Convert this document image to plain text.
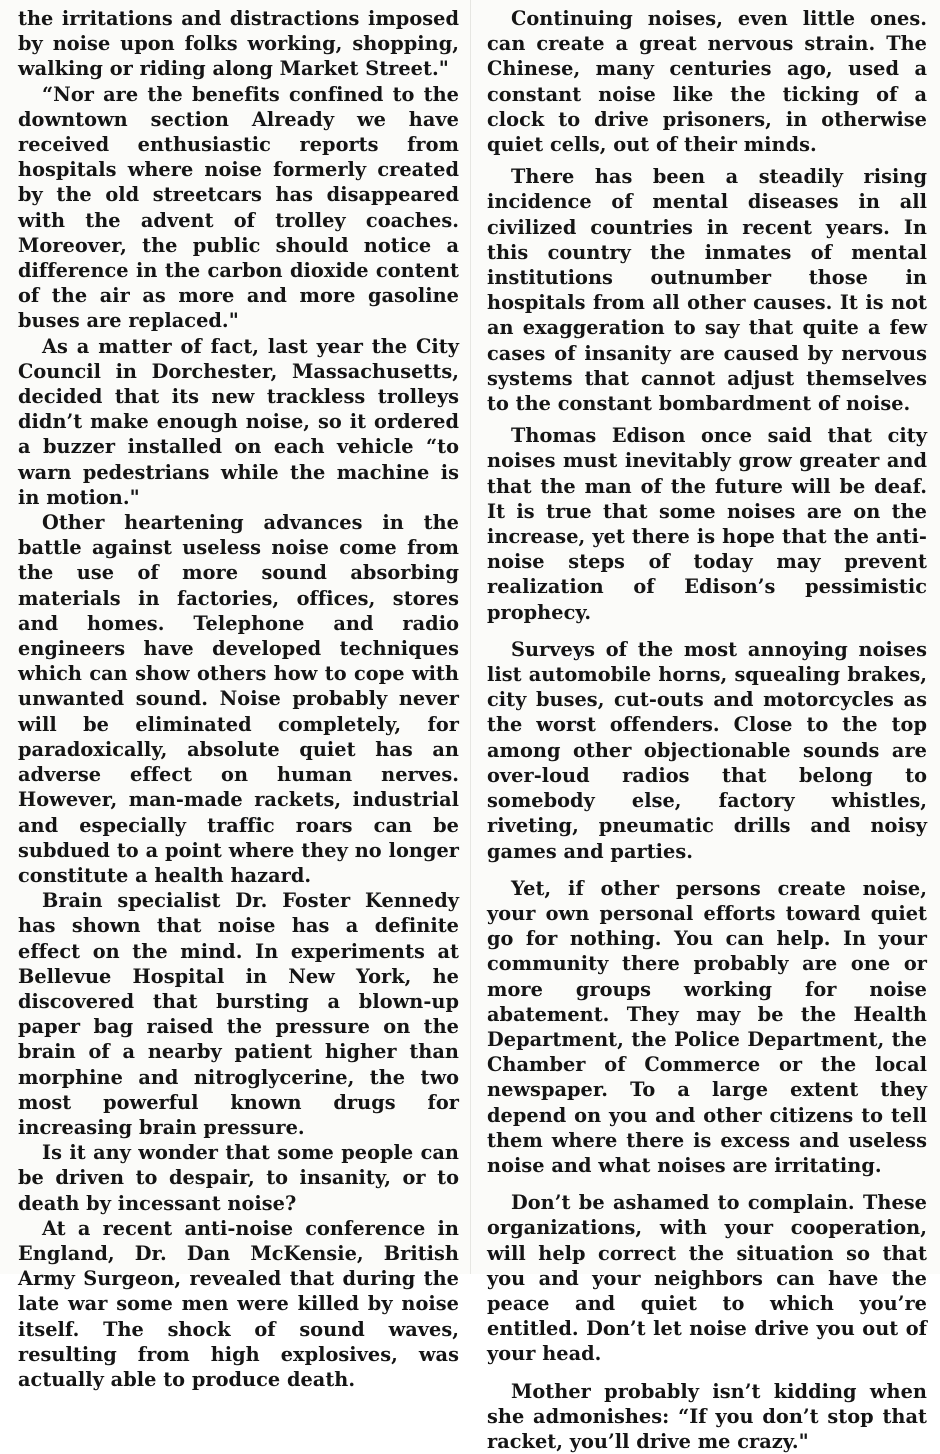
the irritations and distractions imposed by noise upon folks working, shopping, walking or riding along Market Street."

“Nor are the benefits confined to the downtown section Already we have received enthusiastic reports from hospitals where noise formerly created by the old streetcars has disappeared with the advent of trolley coaches. Moreover, the public should notice a difference in the carbon dioxide content of the air as more and more gasoline buses are replaced."

As a matter of fact, last year the City Council in Dorchester, Massachusetts, decided that its new trackless trolleys didn’t make enough noise, so it ordered a buzzer installed on each vehicle “to warn pedestrians while the machine is in motion."

Other heartening advances in the battle against useless noise come from the use of more sound absorbing materials in factories, offices, stores and homes. Telephone and radio engineers have developed techniques which can show others how to cope with unwanted sound. Noise probably never will be eliminated completely, for paradoxically, absolute quiet has an adverse effect on human nerves. However, man-made rackets, industrial and especially traffic roars can be subdued to a point where they no longer constitute a health hazard.

Brain specialist Dr. Foster Kennedy has shown that noise has a definite effect on the mind. In experiments at Bellevue Hospital in New York, he discovered that bursting a blown-up paper bag raised the pressure on the brain of a nearby patient higher than morphine and nitroglycerine, the two most powerful known drugs for increasing brain pressure.

Is it any wonder that some people can be driven to despair, to insanity, or to death by incessant noise?

At a recent anti-noise conference in England, Dr. Dan McKensie, British Army Surgeon, revealed that during the late war some men were killed by noise itself. The shock of sound waves, resulting from high explosives, was actually able to produce death.

Continuing noises, even little ones. can create a great nervous strain. The Chinese, many centuries ago, used a constant noise like the ticking of a clock to drive prisoners, in otherwise quiet cells, out of their minds.

There has been a steadily rising incidence of mental diseases in all civilized countries in recent years. In this country the inmates of mental institutions outnumber those in hospitals from all other causes. It is not an exaggeration to say that quite a few cases of insanity are caused by nervous systems that cannot adjust themselves to the constant bombardment of noise.

Thomas Edison once said that city noises must inevitably grow greater and that the man of the future will be deaf. It is true that some noises are on the increase, yet there is hope that the anti-noise steps of today may prevent realization of Edison’s pessimistic prophecy.

Surveys of the most annoying noises list automobile horns, squealing brakes, city buses, cut-outs and motorcycles as the worst offenders. Close to the top among other objectionable sounds are over-loud radios that belong to somebody else, factory whistles, riveting, pneumatic drills and noisy games and parties.

Yet, if other persons create noise, your own personal efforts toward quiet go for nothing. You can help. In your community there probably are one or more groups working for noise abatement. They may be the Health Department, the Police Department, the Chamber of Commerce or the local newspaper. To a large extent they depend on you and other citizens to tell them where there is excess and useless noise and what noises are irritating.

Don’t be ashamed to complain. These organizations, with your cooperation, will help correct the situation so that you and your neighbors can have the peace and quiet to which you’re entitled. Don’t let noise drive you out of your head.

Mother probably isn’t kidding when she admonishes: “If you don’t stop that racket, you’ll drive me crazy."
